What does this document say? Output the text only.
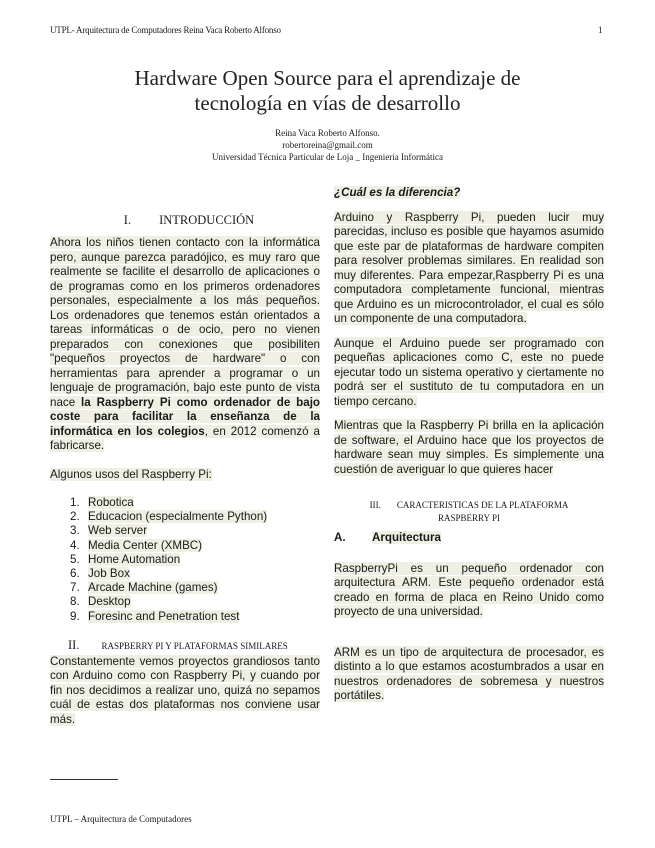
UTPL- Arquitectura de Computadores Reina Vaca Roberto Alfonso	1
Hardware Open Source para el aprendizaje de
tecnología en vías de desarrollo
Reina Vaca Roberto Alfonso.
robertoreina@gmail.com
Universidad Técnica Particular de Loja _ Ingeniería Informática

I. INTRODUCCIÓN

Ahora los niños tienen contacto con la informática pero, aunque parezca paradójico, es muy raro que realmente se facilite el desarrollo de aplicaciones o de programas como en los primeros ordenadores personales, especialmente a los más pequeños. Los ordenadores que tenemos están orientados a tareas informáticas o de ocio, pero no vienen preparados con conexiones que posibiliten "pequeños proyectos de hardware" o con herramientas para aprender a programar o un lenguaje de programación, bajo este punto de vista nace la Raspberry Pi como ordenador de bajo coste para facilitar la enseñanza de la informática en los colegios, en 2012 comenzó a fabricarse.

Algunos usos del Raspberry Pi:

1. Robotica
2. Educacion (especialmente Python)
3. Web server
4. Media Center (XMBC)
5. Home Automation
6. Job Box
7. Arcade Machine (games)
8. Desktop
9. Foresinc and Penetration test

II. RASPBERRY PI Y PLATAFORMAS SIMILARES

Constantemente vemos proyectos grandiosos tanto con Arduino como con Raspberry Pi, y cuando por fin nos decidimos a realizar uno, quizá no sepamos cuál de estas dos plataformas nos conviene usar más.

¿Cuál es la diferencia?

Arduino y Raspberry Pi, pueden lucir muy parecidas, incluso es posible que hayamos asumido que este par de plataformas de hardware compiten para resolver problemas similares. En realidad son muy diferentes. Para empezar,Raspberry Pi es una computadora completamente funcional, mientras que Arduino es un microcontrolador, el cual es sólo un componente de una computadora.

Aunque el Arduino puede ser programado con pequeñas aplicaciones como C, este no puede ejecutar todo un sistema operativo y ciertamente no podrá ser el sustituto de tu computadora en un tiempo cercano.

Mientras que la Raspberry Pi brilla en la aplicación de software, el Arduino hace que los proyectos de hardware sean muy simples. Es simplemente una cuestión de averiguar lo que quieres hacer

III. CARACTERISTICAS DE LA PLATAFORMA
RASPBERRY PI

A. Arquitectura

RaspberryPi es un pequeño ordenador con arquitectura ARM. Este pequeño ordenador está creado en forma de placa en Reino Unido como proyecto de una universidad.

ARM es un tipo de arquitectura de procesador, es distinto a lo que estamos acostumbrados a usar en nuestros ordenadores de sobremesa y nuestros portátiles.

UTPL – Arquitectura de Computadores
